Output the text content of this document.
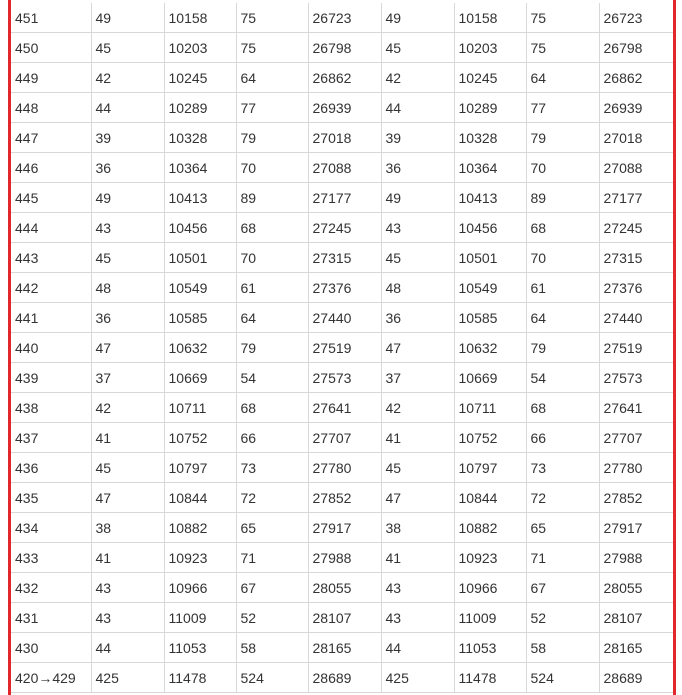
451	49	10158	75	26723	49	10158	75	26723
450	45	10203	75	26798	45	10203	75	26798
449	42	10245	64	26862	42	10245	64	26862
448	44	10289	77	26939	44	10289	77	26939
447	39	10328	79	27018	39	10328	79	27018
446	36	10364	70	27088	36	10364	70	27088
445	49	10413	89	27177	49	10413	89	27177
444	43	10456	68	27245	43	10456	68	27245
443	45	10501	70	27315	45	10501	70	27315
442	48	10549	61	27376	48	10549	61	27376
441	36	10585	64	27440	36	10585	64	27440
440	47	10632	79	27519	47	10632	79	27519
439	37	10669	54	27573	37	10669	54	27573
438	42	10711	68	27641	42	10711	68	27641
437	41	10752	66	27707	41	10752	66	27707
436	45	10797	73	27780	45	10797	73	27780
435	47	10844	72	27852	47	10844	72	27852
434	38	10882	65	27917	38	10882	65	27917
433	41	10923	71	27988	41	10923	71	27988
432	43	10966	67	28055	43	10966	67	28055
431	43	11009	52	28107	43	11009	52	28107
430	44	11053	58	28165	44	11053	58	28165
420→429	425	11478	524	28689	425	11478	524	28689
